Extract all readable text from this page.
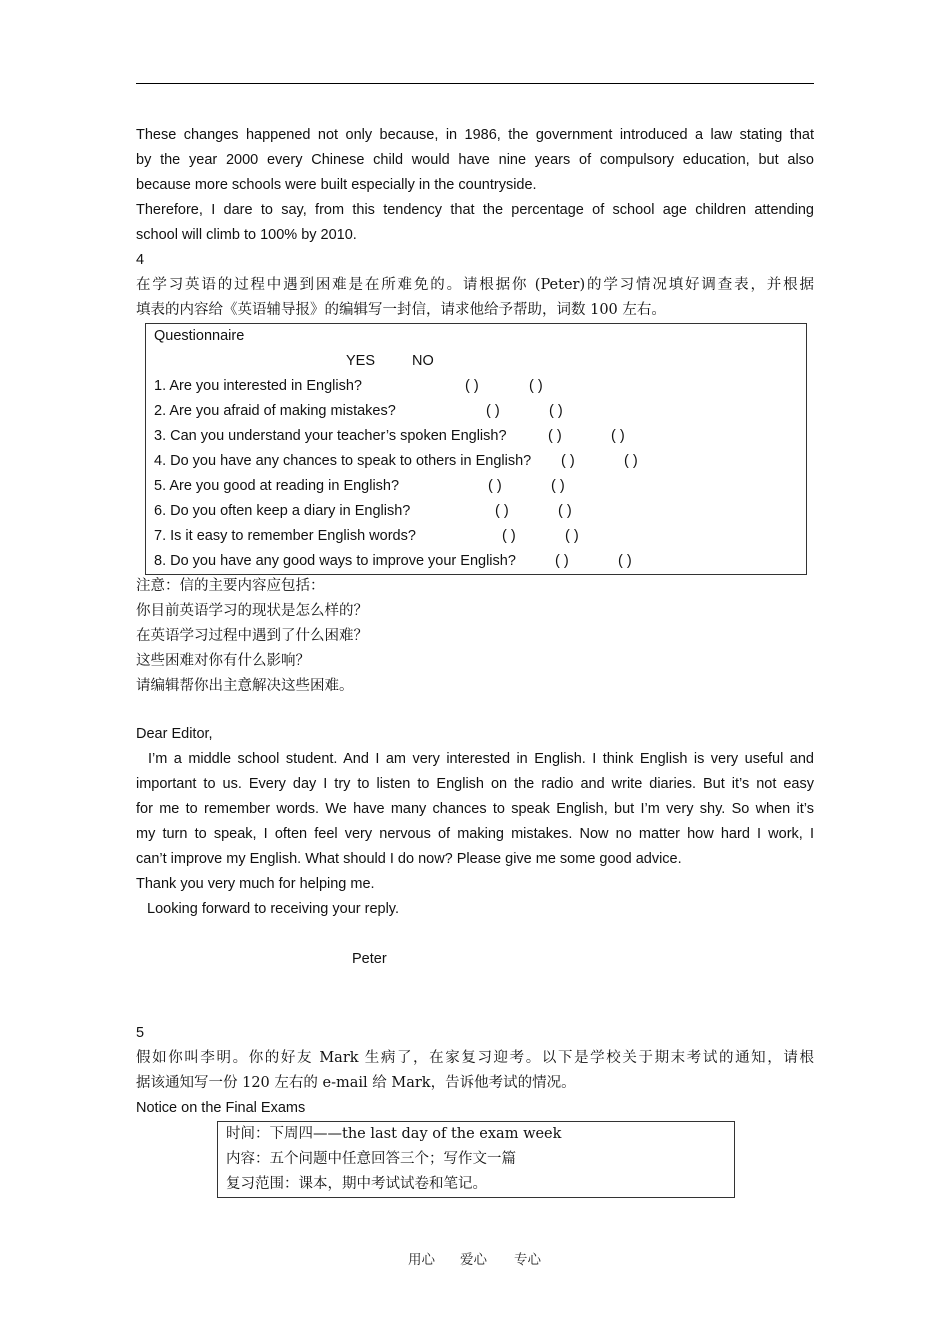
These changes happened not only because, in 1986, the government introduced a law stating that
by the year 2000 every Chinese child would have nine years of compulsory education, but also
because more schools were built especially in the countryside.
Therefore, I dare to say, from this tendency that the percentage of school age children attending
school will climb to 100% by 2010.
4
在学习英语的过程中遇到困难是在所难免的。请根据你 (Peter)的学习情况填好调查表，并根据
填表的内容给《英语辅导报》的编辑写一封信，请求他给予帮助，词数 100 左右。
Questionnaire
YES	NO
1. Are you interested in English?	( )	( )
2. Are you afraid of making mistakes?	( )	( )
3. Can you understand your teacher’s spoken English?	( )	( )
4. Do you have any chances to speak to others in English? ( )	( )
5. Are you good at reading in English?	( )	( )
6. Do you often keep a diary in English?	( )	( )
7. Is it easy to remember English words?	( )	( )
8. Do you have any good ways to improve your English?	( )	( )
注意：信的主要内容应包括：
你目前英语学习的现状是怎么样的？
在英语学习过程中遇到了什么困难？
这些困难对你有什么影响？
请编辑帮你出主意解决这些困难。
Dear Editor,
I’m a middle school student. And I am very interested in English. I think English is very useful and
important to us. Every day I try to listen to English on the radio and write diaries. But it’s not easy
for me to remember words. We have many chances to speak English, but I’m very shy. So when it’s
my turn to speak, I often feel very nervous of making mistakes. Now no matter how hard I work, I
can’t improve my English. What should I do now? Please give me some good advice.
Thank you very much for helping me.
Looking forward to receiving your reply.
Peter
5
假如你叫李明。你的好友 Mark 生病了，在家复习迎考。以下是学校关于期末考试的通知，请根
据该通知写一份 120 左右的 e-mail 给 Mark，告诉他考试的情况。
Notice on the Final Exams
时间：下周四——the last day of the exam week
内容：五个问题中任意回答三个；写作文一篇
复习范围：课本，期中考试试卷和笔记。
用心 爱心 专心
